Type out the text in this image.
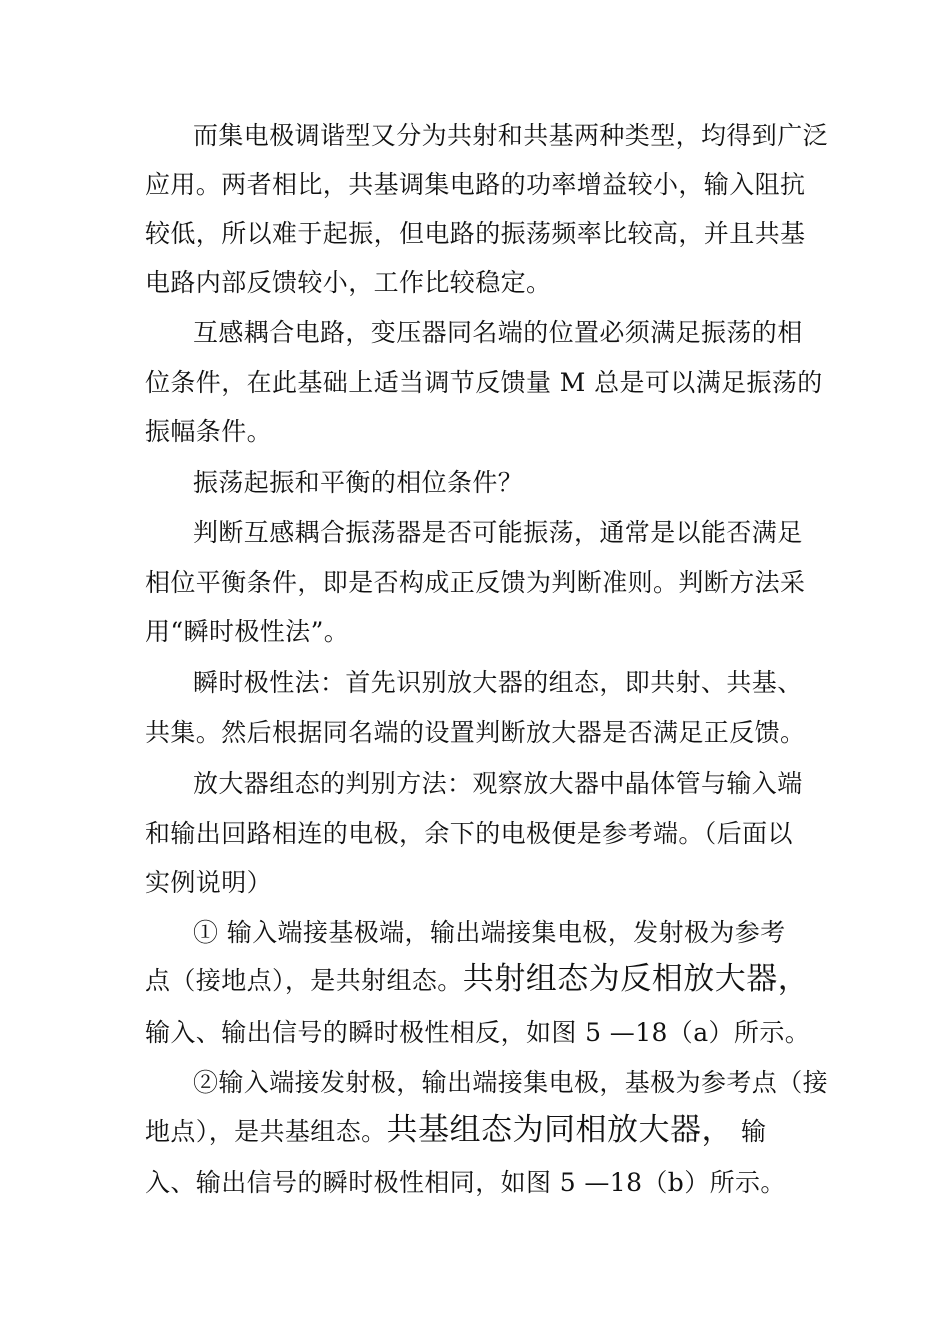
而集电极调谐型又分为共射和共基两种类型，均得到广泛
应用。两者相比，共基调集电路的功率增益较小，输入阻抗
较低，所以难于起振，但电路的振荡频率比较高，并且共基
电路内部反馈较小，工作比较稳定。
互感耦合电路，变压器同名端的位置必须满足振荡的相
位条件，在此基础上适当调节反馈量 M 总是可以满足振荡的
振幅条件。
振荡起振和平衡的相位条件？
判断互感耦合振荡器是否可能振荡，通常是以能否满足
相位平衡条件，即是否构成正反馈为判断准则。判断方法采
用“瞬时极性法”。
瞬时极性法：首先识别放大器的组态，即共射、共基、
共集。然后根据同名端的设置判断放大器是否满足正反馈。
放大器组态的判别方法：观察放大器中晶体管与输入端
和输出回路相连的电极，余下的电极便是参考端。（后面以
实例说明）
① 输入端接基极端，输出端接集电极，发射极为参考
点（接地点），是共射组态。共射组态为反相放大器，
输入、输出信号的瞬时极性相反，如图 5 —18（a）所示。
②输入端接发射极，输出端接集电极，基极为参考点（接
地点），是共基组态。共基组态为同相放大器， 输
入、输出信号的瞬时极性相同，如图 5 —18（b）所示。
